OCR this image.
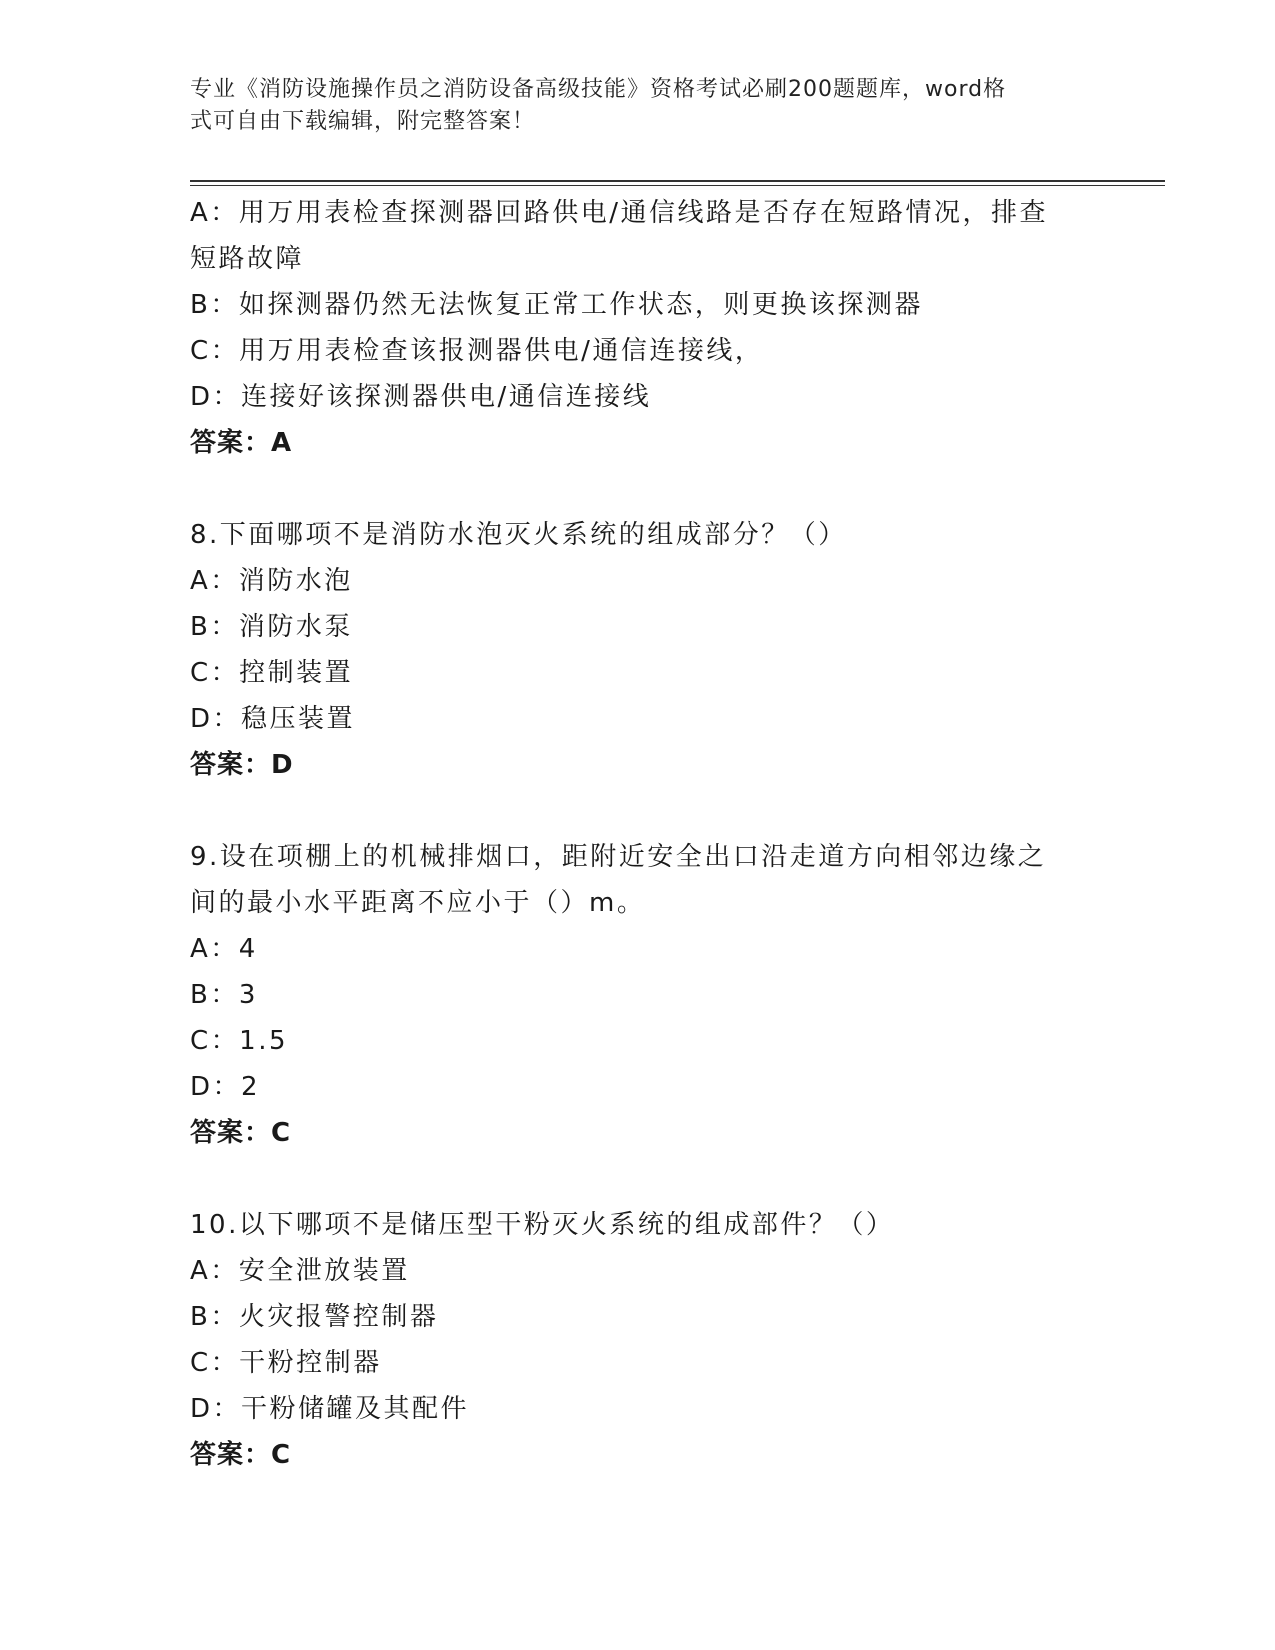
专业《消防设施操作员之消防设备高级技能》资格考试必刷200题题库，word格
式可自由下载编辑，附完整答案！
A：用万用表检查探测器回路供电/通信线路是否存在短路情况，排查
短路故障
B：如探测器仍然无法恢复正常工作状态，则更换该探测器
C：用万用表检查该报测器供电/通信连接线，
D：连接好该探测器供电/通信连接线
答案：A
8.下面哪项不是消防水泡灭火系统的组成部分？（）
A：消防水泡
B：消防水泵
C：控制装置
D：稳压装置
答案：D
9.设在项棚上的机械排烟口，距附近安全出口沿走道方向相邻边缘之
间的最小水平距离不应小于（）m。
A：4
B：3
C：1.5
D：2
答案：C
10.以下哪项不是储压型干粉灭火系统的组成部件？（）
A：安全泄放装置
B：火灾报警控制器
C：干粉控制器
D：干粉储罐及其配件
答案：C
